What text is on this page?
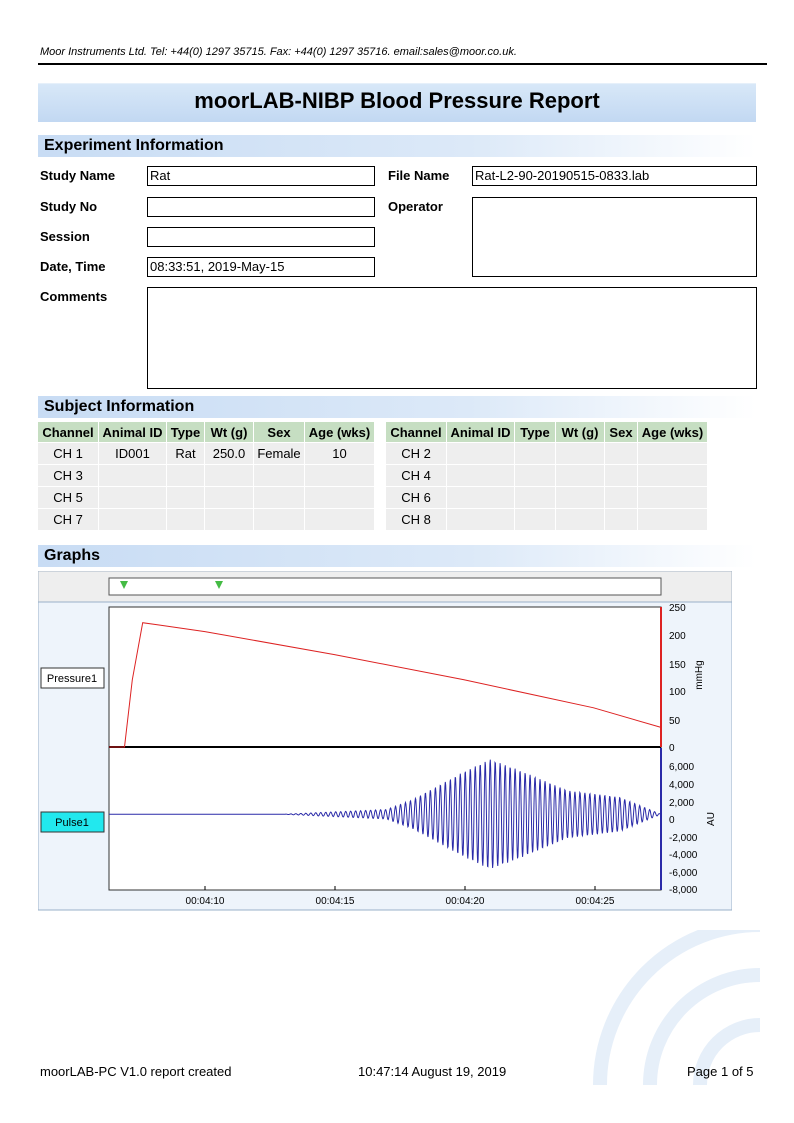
Moor Instruments Ltd. Tel: +44(0) 1297 35715. Fax: +44(0) 1297 35716. email:sales@moor.co.uk.
moorLAB-NIBP Blood Pressure Report
Experiment Information
Study Name	Rat
Study No
Session
Date, Time	08:33:51, 2019-May-15
File Name Rat-L2-90-20190515-0833.lab
Operator
Comments
Subject Information
Channel	Animal ID	Type	Wt (g)	Sex	Age (wks)
CH 1	ID001	Rat	250.0	Female	10
CH 3					
CH 5					
CH 7					
Channel	Animal ID	Type	Wt (g)	Sex	Age (wks)
CH 2					
CH 4					
CH 6					
CH 8					
Graphs
Pressure1
Pulse1
mmHg
AU
250
200
150
100
50
0
6,000
4,000
2,000
0
-2,000
-4,000
-6,000
-8,000
00:04:10	00:04:15	00:04:20	00:04:25
moorLAB-PC V1.0 report created	10:47:14 August 19, 2019	Page 1 of 5
